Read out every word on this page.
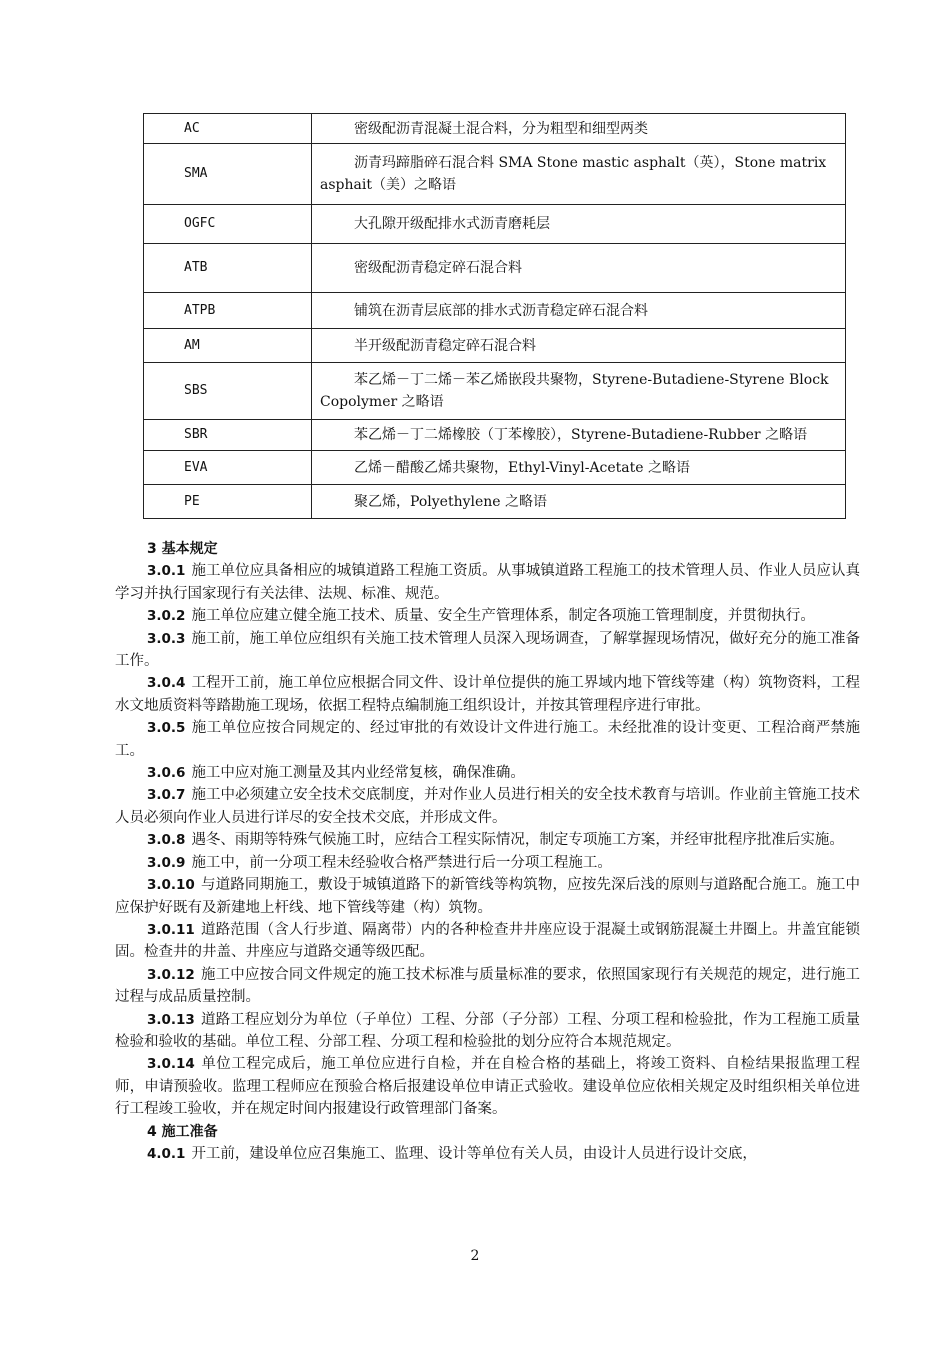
AC	密级配沥青混凝土混合料，分为粗型和细型两类
SMA	沥青玛蹄脂碎石混合料 SMA Stone mastic asphalt（英），Stone matrix asphait（美）之略语
OGFC	大孔隙开级配排水式沥青磨耗层
ATB	密级配沥青稳定碎石混合料
ATPB	铺筑在沥青层底部的排水式沥青稳定碎石混合料
AM	半开级配沥青稳定碎石混合料
SBS	苯乙烯－丁二烯－苯乙烯嵌段共聚物，Styrene-Butadiene-Styrene Block Copolymer 之略语
SBR	苯乙烯－丁二烯橡胶（丁苯橡胶），Styrene-Butadiene-Rubber 之略语
EVA	乙烯－醋酸乙烯共聚物，Ethyl-Vinyl-Acetate 之略语
PE	聚乙烯，Polyethylene 之略语

3 基本规定

3.0.1 施工单位应具备相应的城镇道路工程施工资质。从事城镇道路工程施工的技术管理人员、作业人员应认真学习并执行国家现行有关法律、法规、标准、规范。

3.0.2 施工单位应建立健全施工技术、质量、安全生产管理体系，制定各项施工管理制度，并贯彻执行。

3.0.3 施工前，施工单位应组织有关施工技术管理人员深入现场调查，了解掌握现场情况，做好充分的施工准备工作。

3.0.4 工程开工前，施工单位应根据合同文件、设计单位提供的施工界域内地下管线等建（构）筑物资料，工程水文地质资料等踏勘施工现场，依据工程特点编制施工组织设计，并按其管理程序进行审批。

3.0.5 施工单位应按合同规定的、经过审批的有效设计文件进行施工。未经批准的设计变更、工程洽商严禁施工。

3.0.6 施工中应对施工测量及其内业经常复核，确保准确。

3.0.7 施工中必须建立安全技术交底制度，并对作业人员进行相关的安全技术教育与培训。作业前主管施工技术人员必须向作业人员进行详尽的安全技术交底，并形成文件。

3.0.8 遇冬、雨期等特殊气候施工时，应结合工程实际情况，制定专项施工方案，并经审批程序批准后实施。

3.0.9 施工中，前一分项工程未经验收合格严禁进行后一分项工程施工。

3.0.10 与道路同期施工，敷设于城镇道路下的新管线等构筑物，应按先深后浅的原则与道路配合施工。施工中应保护好既有及新建地上杆线、地下管线等建（构）筑物。

3.0.11 道路范围（含人行步道、隔离带）内的各种检查井井座应设于混凝土或钢筋混凝土井圈上。井盖宜能锁固。检查井的井盖、井座应与道路交通等级匹配。

3.0.12 施工中应按合同文件规定的施工技术标准与质量标准的要求，依照国家现行有关规范的规定，进行施工过程与成品质量控制。

3.0.13 道路工程应划分为单位（子单位）工程、分部（子分部）工程、分项工程和检验批，作为工程施工质量检验和验收的基础。单位工程、分部工程、分项工程和检验批的划分应符合本规范规定。

3.0.14 单位工程完成后，施工单位应进行自检，并在自检合格的基础上，将竣工资料、自检结果报监理工程师，申请预验收。监理工程师应在预验合格后报建设单位申请正式验收。建设单位应依相关规定及时组织相关单位进行工程竣工验收，并在规定时间内报建设行政管理部门备案。

4 施工准备

4.0.1 开工前，建设单位应召集施工、监理、设计等单位有关人员，由设计人员进行设计交底，

2
